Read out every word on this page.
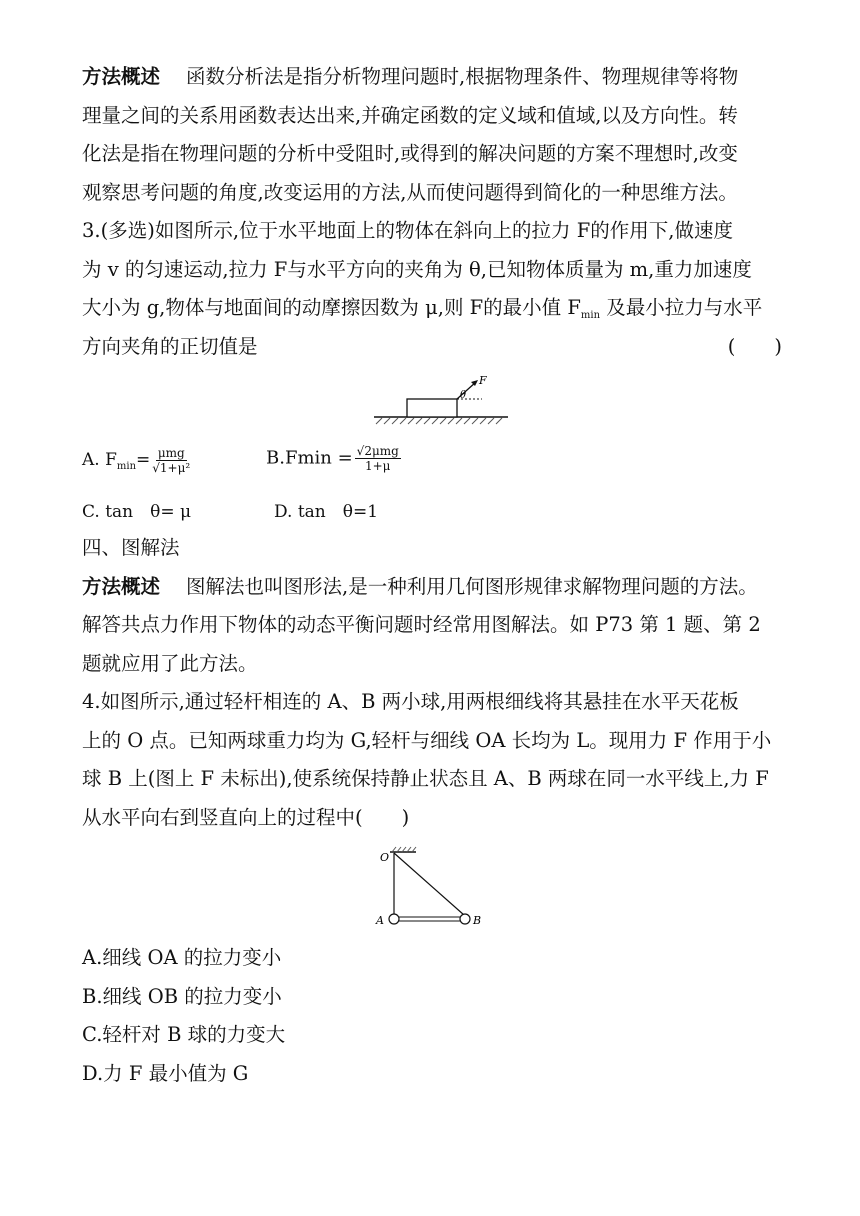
方法概述 函数分析法是指分析物理问题时,根据物理条件、物理规律等将物
理量之间的关系用函数表达出来,并确定函数的定义域和值域,以及方向性。转
化法是指在物理问题的分析中受阻时,或得到的解决问题的方案不理想时,改变
观察思考问题的角度,改变运用的方法,从而使问题得到简化的一种思维方法。
3.(多选)如图所示,位于水平地面上的物体在斜向上的拉力 F的作用下,做速度
为 v 的匀速运动,拉力 F与水平方向的夹角为 θ,已知物体质量为 m,重力加速度
大小为 g,物体与地面间的动摩擦因数为 μ,则 F的最小值 $F_{min}$ 及最小拉力与水平
方向夹角的正切值是	(　　)
F
θ
A. $F_{min}= \frac{\text{μmg}}{\text{√1+μ²}}$	$B.Fmin = \frac{\text{√2μmg}}{1+\mu}$
C. tan　θ= μ	D. tan　θ=1
四、图解法
方法概述 图解法也叫图形法,是一种利用几何图形规律求解物理问题的方法。
解答共点力作用下物体的动态平衡问题时经常用图解法。如 P73 第 1 题、第 2
题就应用了此方法。
4.如图所示,通过轻杆相连的 A、B 两小球,用两根细线将其悬挂在水平天花板
上的 O 点。已知两球重力均为 G,轻杆与细线 OA 长均为 L。现用力 F 作用于小
球 B 上(图上 F 未标出),使系统保持静止状态且 A、B 两球在同一水平线上,力 F
从水平向右到竖直向上的过程中(　　)
O
A	B
A.细线 OA 的拉力变小
B.细线 OB 的拉力变小
C.轻杆对 B 球的力变大
D.力 F 最小值为 G
